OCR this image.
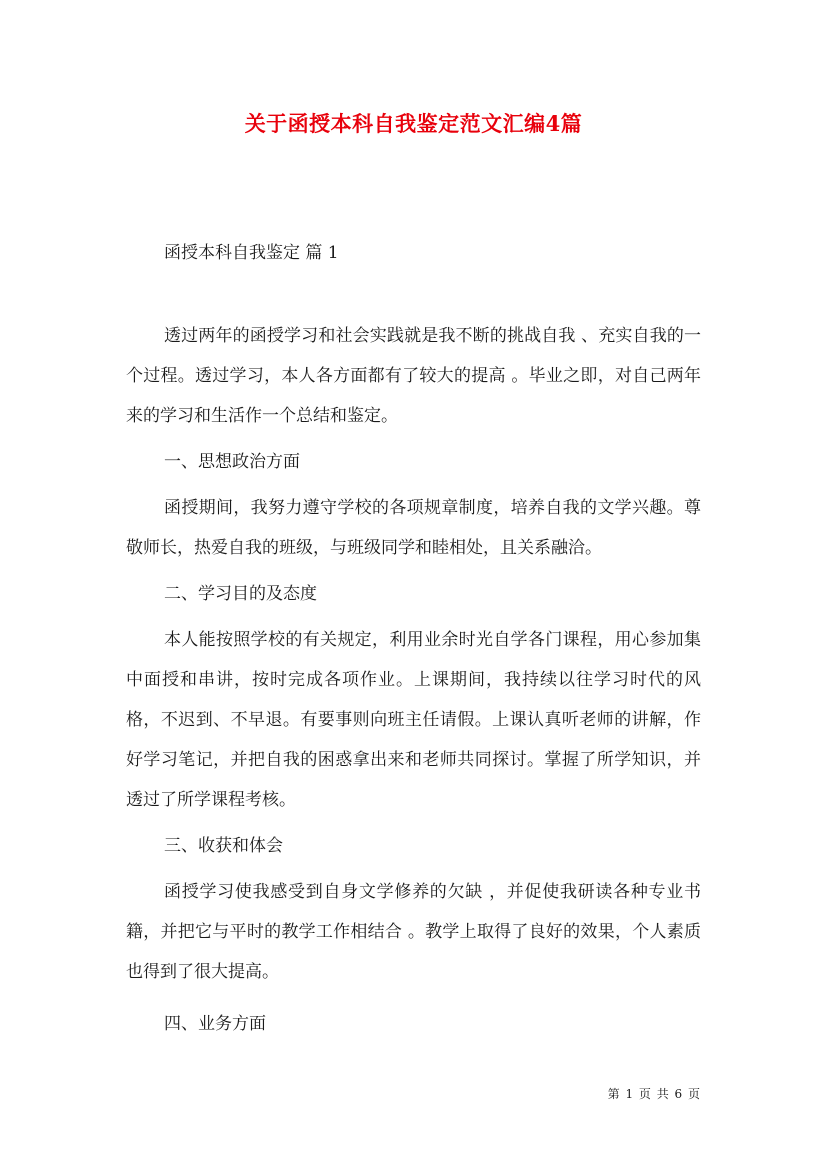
关于函授本科自我鉴定范文汇编4篇
函授本科自我鉴定 篇 1

透过两年的函授学习和社会实践就是我不断的挑战自我 、充实自我的一个过程。透过学习，本人各方面都有了较大的提高 。毕业之即，对自己两年来的学习和生活作一个总结和鉴定。

一、思想政治方面

函授期间，我努力遵守学校的各项规章制度，培养自我的文学兴趣。尊敬师长，热爱自我的班级，与班级同学和睦相处，且关系融洽。

二、学习目的及态度

本人能按照学校的有关规定，利用业余时光自学各门课程，用心参加集中面授和串讲，按时完成各项作业。上课期间，我持续以往学习时代的风格，不迟到、不早退。有要事则向班主任请假。上课认真听老师的讲解，作好学习笔记，并把自我的困惑拿出来和老师共同探讨。掌握了所学知识，并透过了所学课程考核。

三、收获和体会

函授学习使我感受到自身文学修养的欠缺 ，并促使我研读各种专业书籍，并把它与平时的教学工作相结合 。教学上取得了良好的效果，个人素质也得到了很大提高。

四、业务方面
第 1 页 共 6 页
